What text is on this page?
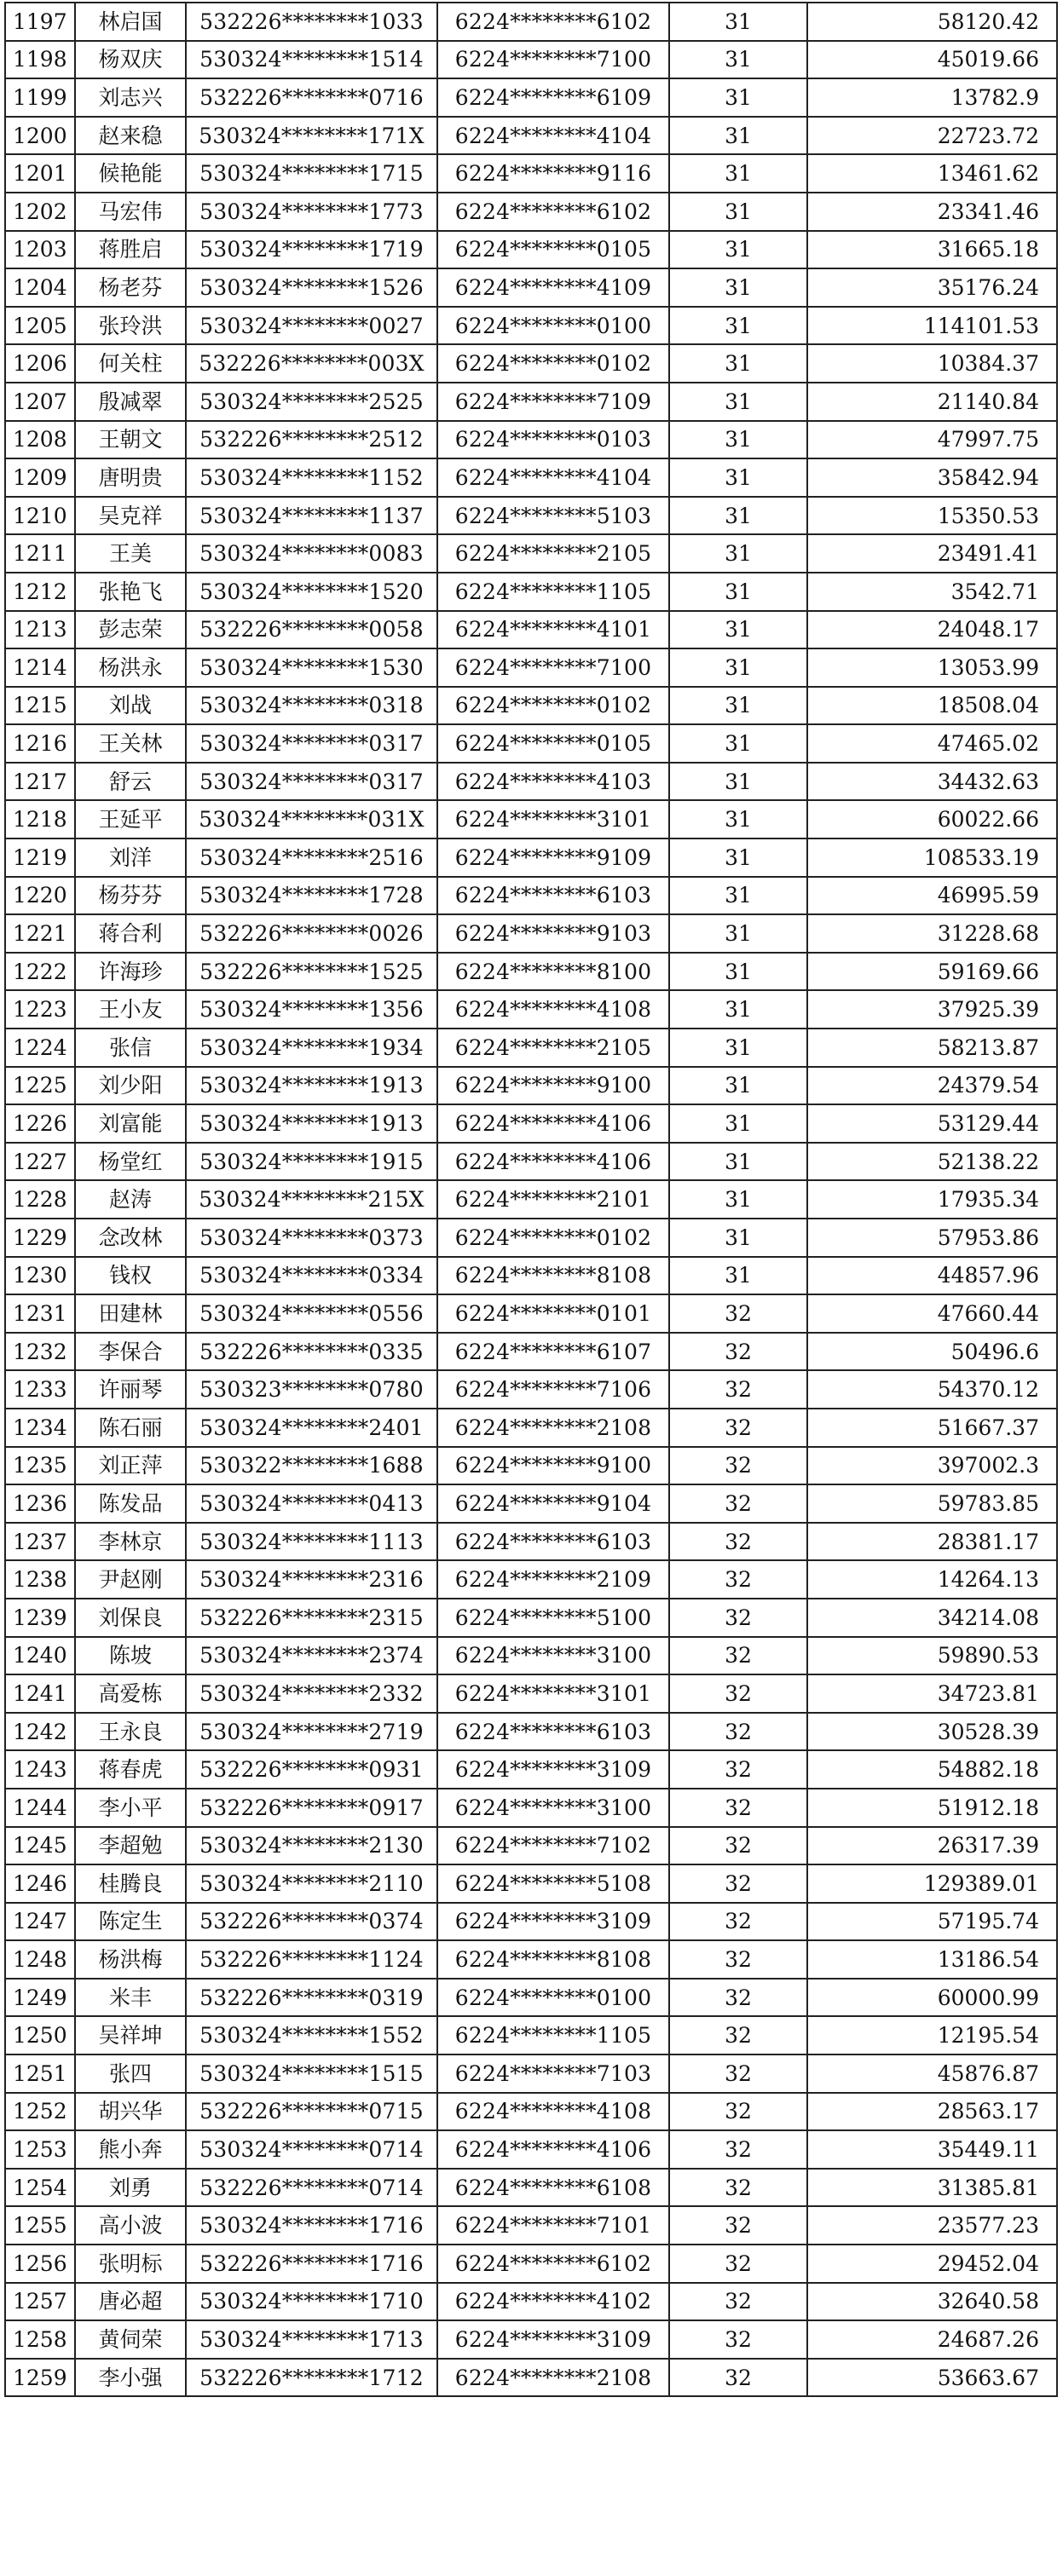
1197	林启国	532226********1033	6224********6102	31	58120.42
1198	杨双庆	530324********1514	6224********7100	31	45019.66
1199	刘志兴	532226********0716	6224********6109	31	13782.9
1200	赵来稳	530324********171X	6224********4104	31	22723.72
1201	候艳能	530324********1715	6224********9116	31	13461.62
1202	马宏伟	530324********1773	6224********6102	31	23341.46
1203	蒋胜启	530324********1719	6224********0105	31	31665.18
1204	杨老芬	530324********1526	6224********4109	31	35176.24
1205	张玲洪	530324********0027	6224********0100	31	114101.53
1206	何关柱	532226********003X	6224********0102	31	10384.37
1207	殷减翠	530324********2525	6224********7109	31	21140.84
1208	王朝文	532226********2512	6224********0103	31	47997.75
1209	唐明贵	530324********1152	6224********4104	31	35842.94
1210	吴克祥	530324********1137	6224********5103	31	15350.53
1211	王美	530324********0083	6224********2105	31	23491.41
1212	张艳飞	530324********1520	6224********1105	31	3542.71
1213	彭志荣	532226********0058	6224********4101	31	24048.17
1214	杨洪永	530324********1530	6224********7100	31	13053.99
1215	刘战	530324********0318	6224********0102	31	18508.04
1216	王关林	530324********0317	6224********0105	31	47465.02
1217	舒云	530324********0317	6224********4103	31	34432.63
1218	王延平	530324********031X	6224********3101	31	60022.66
1219	刘洋	530324********2516	6224********9109	31	108533.19
1220	杨芬芬	530324********1728	6224********6103	31	46995.59
1221	蒋合利	532226********0026	6224********9103	31	31228.68
1222	许海珍	532226********1525	6224********8100	31	59169.66
1223	王小友	530324********1356	6224********4108	31	37925.39
1224	张信	530324********1934	6224********2105	31	58213.87
1225	刘少阳	530324********1913	6224********9100	31	24379.54
1226	刘富能	530324********1913	6224********4106	31	53129.44
1227	杨堂红	530324********1915	6224********4106	31	52138.22
1228	赵涛	530324********215X	6224********2101	31	17935.34
1229	念改林	530324********0373	6224********0102	31	57953.86
1230	钱权	530324********0334	6224********8108	31	44857.96
1231	田建林	530324********0556	6224********0101	32	47660.44
1232	李保合	532226********0335	6224********6107	32	50496.6
1233	许丽琴	530323********0780	6224********7106	32	54370.12
1234	陈石丽	530324********2401	6224********2108	32	51667.37
1235	刘正萍	530322********1688	6224********9100	32	397002.3
1236	陈发品	530324********0413	6224********9104	32	59783.85
1237	李林京	530324********1113	6224********6103	32	28381.17
1238	尹赵刚	530324********2316	6224********2109	32	14264.13
1239	刘保良	532226********2315	6224********5100	32	34214.08
1240	陈坡	530324********2374	6224********3100	32	59890.53
1241	高爱栋	530324********2332	6224********3101	32	34723.81
1242	王永良	530324********2719	6224********6103	32	30528.39
1243	蒋春虎	532226********0931	6224********3109	32	54882.18
1244	李小平	532226********0917	6224********3100	32	51912.18
1245	李超勉	530324********2130	6224********7102	32	26317.39
1246	桂腾良	530324********2110	6224********5108	32	129389.01
1247	陈定生	532226********0374	6224********3109	32	57195.74
1248	杨洪梅	532226********1124	6224********8108	32	13186.54
1249	米丰	532226********0319	6224********0100	32	60000.99
1250	吴祥坤	530324********1552	6224********1105	32	12195.54
1251	张四	530324********1515	6224********7103	32	45876.87
1252	胡兴华	532226********0715	6224********4108	32	28563.17
1253	熊小奔	530324********0714	6224********4106	32	35449.11
1254	刘勇	532226********0714	6224********6108	32	31385.81
1255	高小波	530324********1716	6224********7101	32	23577.23
1256	张明标	532226********1716	6224********6102	32	29452.04
1257	唐必超	530324********1710	6224********4102	32	32640.58
1258	黄伺荣	530324********1713	6224********3109	32	24687.26
1259	李小强	532226********1712	6224********2108	32	53663.67
